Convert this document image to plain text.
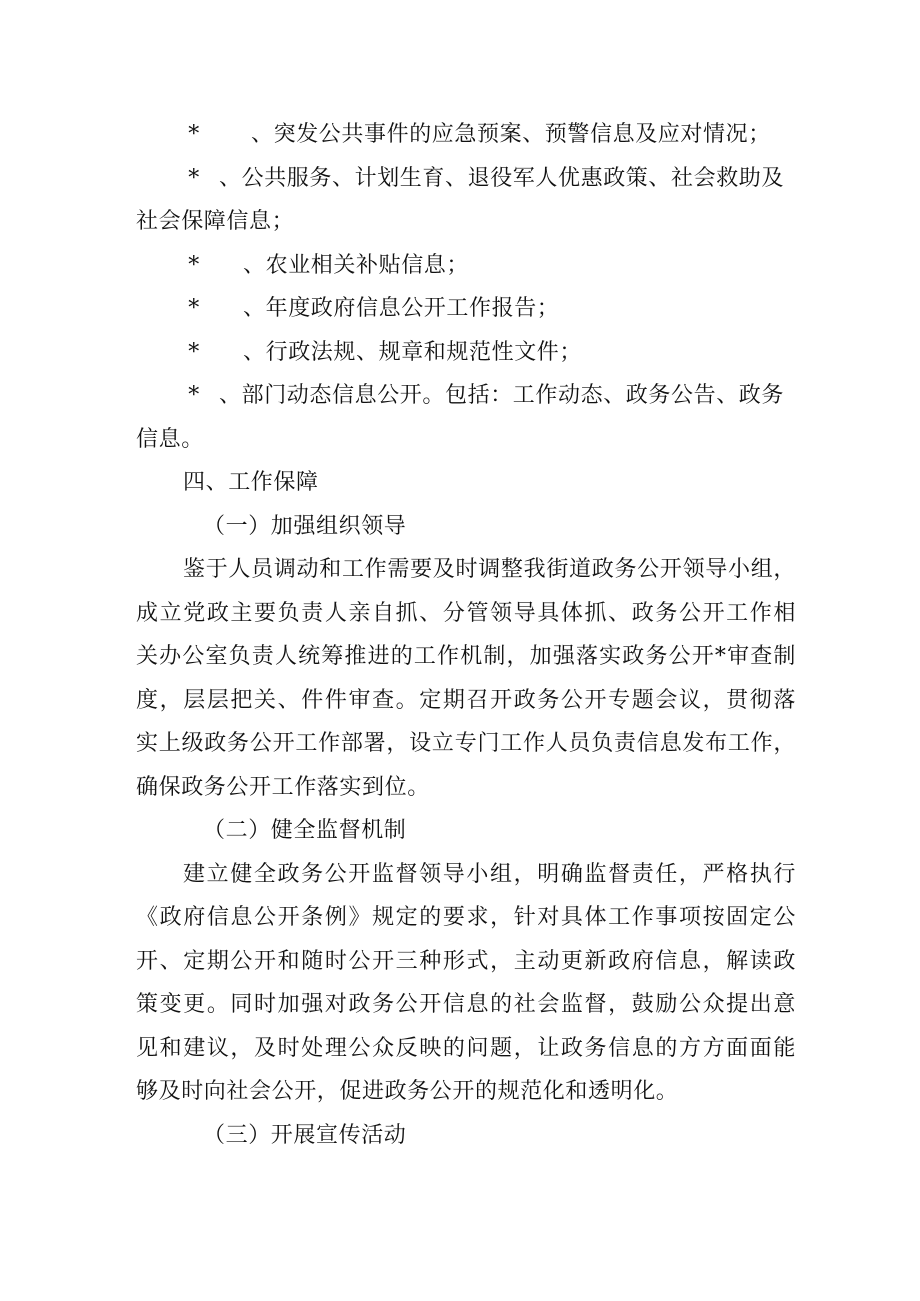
* 、突发公共事件的应急预案、预警信息及应对情况；
* 、公共服务、计划生育、退役军人优惠政策、社会救助及
社会保障信息；
* 、农业相关补贴信息；
* 、年度政府信息公开工作报告；
* 、行政法规、规章和规范性文件；
* 、部门动态信息公开。包括：工作动态、政务公告、政务
信息。
四、工作保障
（一）加强组织领导
鉴于人员调动和工作需要及时调整我街道政务公开领导小组，
成立党政主要负责人亲自抓、分管领导具体抓、政务公开工作相
关办公室负责人统筹推进的工作机制，加强落实政务公开*审查制
度，层层把关、件件审查。定期召开政务公开专题会议，贯彻落
实上级政务公开工作部署，设立专门工作人员负责信息发布工作，
确保政务公开工作落实到位。
（二）健全监督机制
建立健全政务公开监督领导小组，明确监督责任，严格执行
《政府信息公开条例》规定的要求，针对具体工作事项按固定公
开、定期公开和随时公开三种形式，主动更新政府信息，解读政
策变更。同时加强对政务公开信息的社会监督，鼓励公众提出意
见和建议，及时处理公众反映的问题，让政务信息的方方面面能
够及时向社会公开，促进政务公开的规范化和透明化。
（三）开展宣传活动
